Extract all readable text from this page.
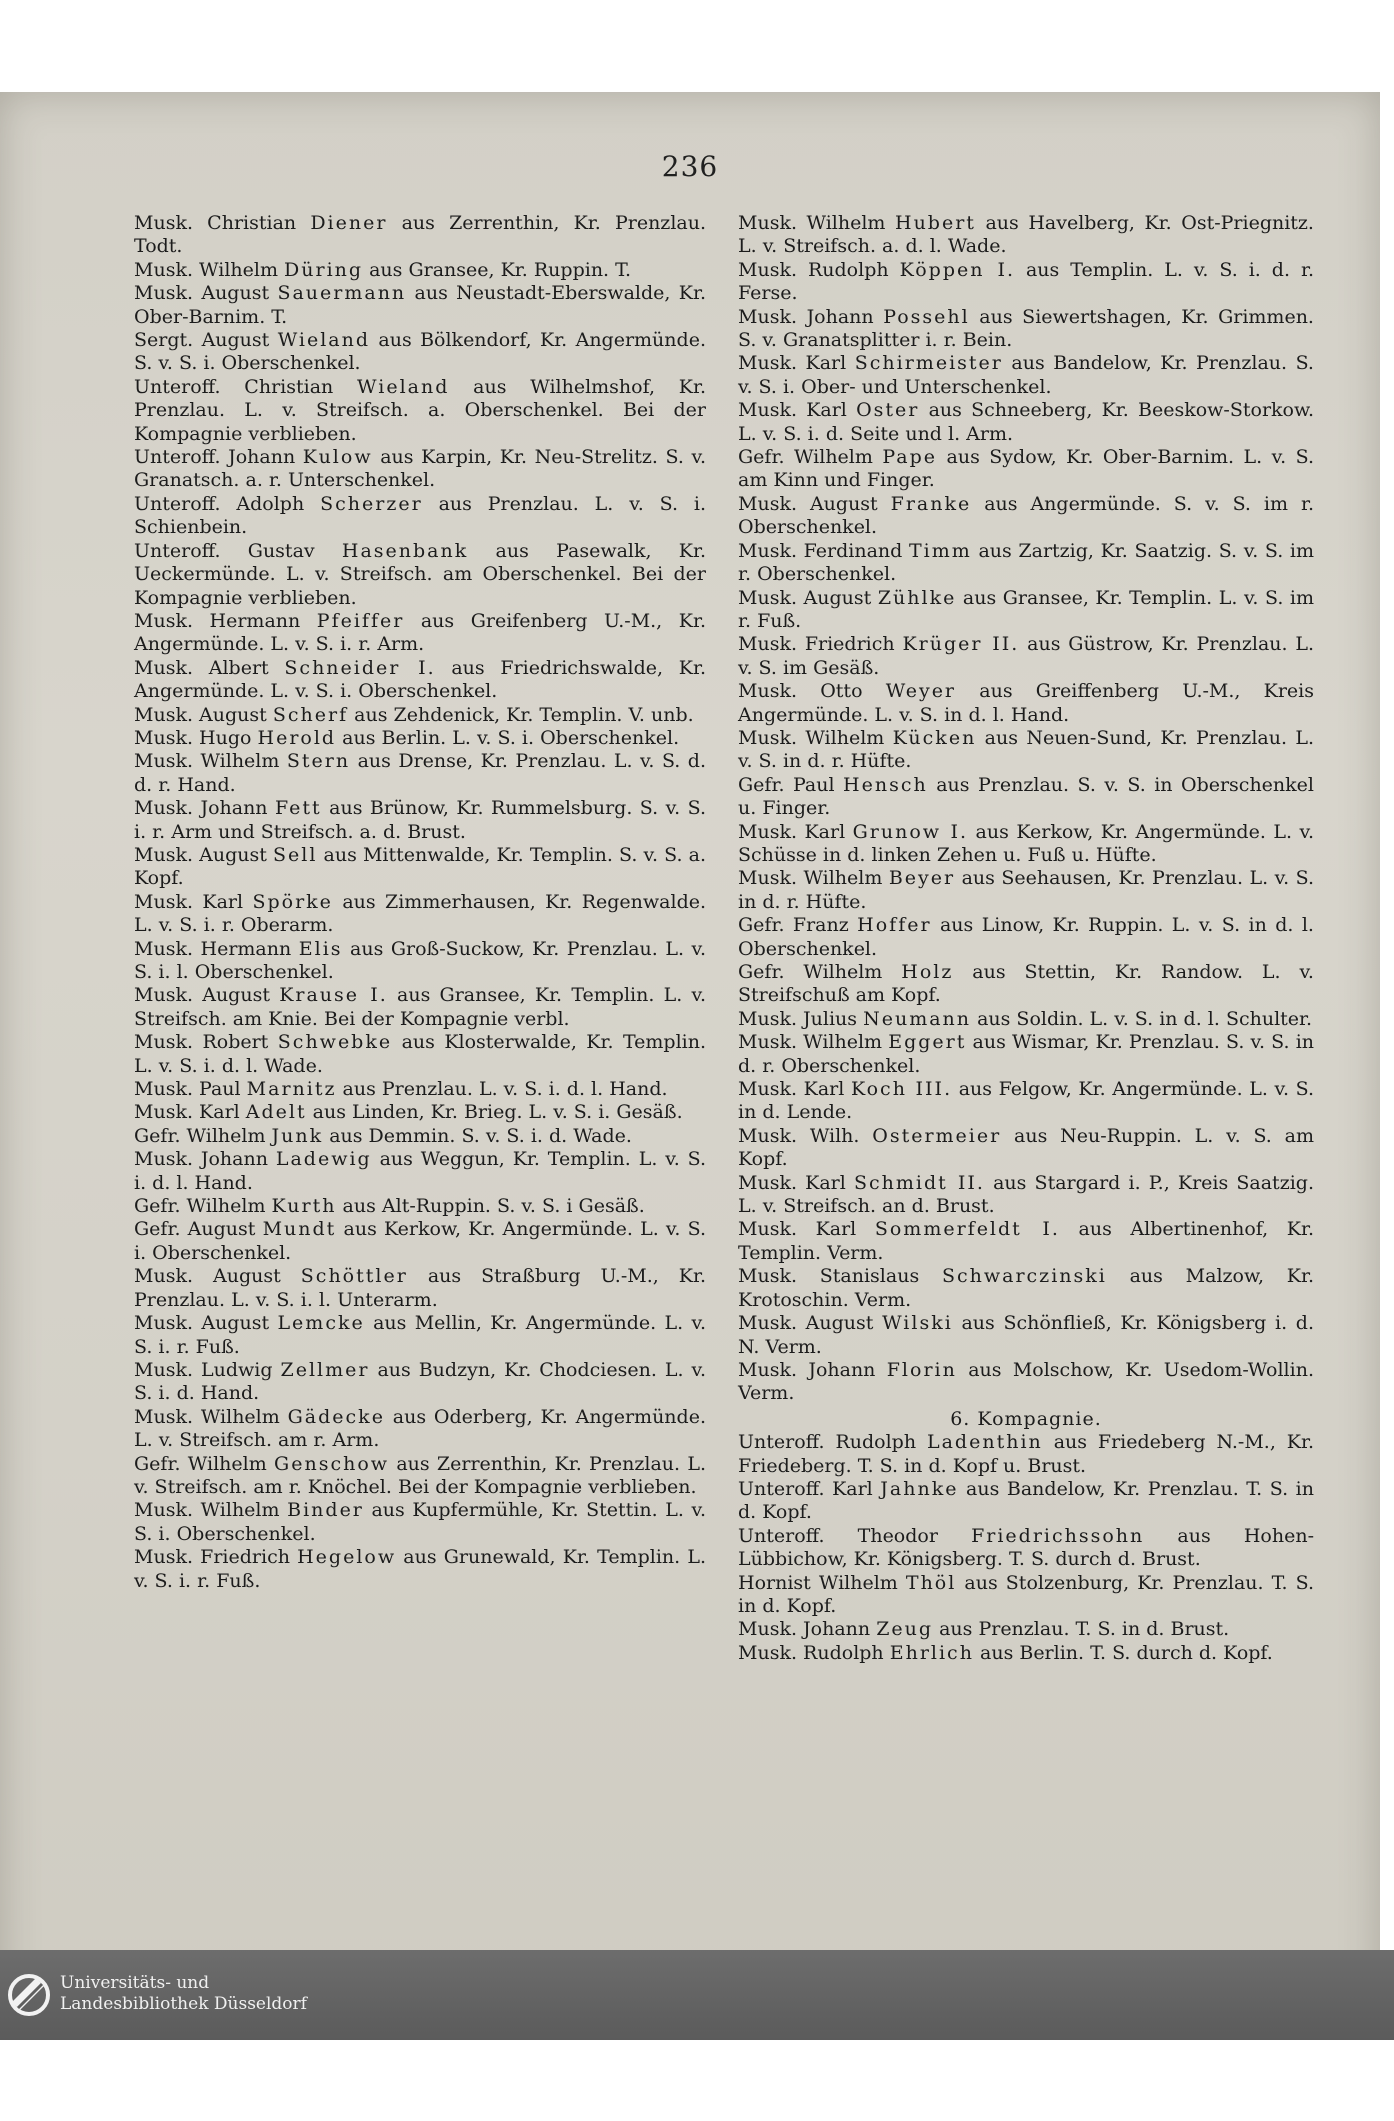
236
Musk. Christian Diener aus Zerrenthin, Kr. Prenzlau. Todt.
Musk. Wilhelm Düring aus Gransee, Kr. Ruppin. T.
Musk. August Sauermann aus Neustadt-Eberswalde, Kr. Ober-Barnim. T.
Sergt. August Wieland aus Bölkendorf, Kr. Angermünde. S. v. S. i. Oberschenkel.
Unteroff. Christian Wieland aus Wilhelmshof, Kr. Prenzlau. L. v. Streifsch. a. Oberschenkel. Bei der Kompagnie verblieben.
Unteroff. Johann Kulow aus Karpin, Kr. Neu-Strelitz. S. v. Granatsch. a. r. Unterschenkel.
Unteroff. Adolph Scherzer aus Prenzlau. L. v. S. i. Schienbein.
Unteroff. Gustav Hasenbank aus Pasewalk, Kr. Ueckermünde. L. v. Streifsch. am Oberschenkel. Bei der Kompagnie verblieben.
Musk. Hermann Pfeiffer aus Greifenberg U.-M., Kr. Angermünde. L. v. S. i. r. Arm.
Musk. Albert Schneider I. aus Friedrichswalde, Kr. Angermünde. L. v. S. i. Oberschenkel.
Musk. August Scherf aus Zehdenick, Kr. Templin. V. unb.
Musk. Hugo Herold aus Berlin. L. v. S. i. Oberschenkel.
Musk. Wilhelm Stern aus Drense, Kr. Prenzlau. L. v. S. d. d. r. Hand.
Musk. Johann Fett aus Brünow, Kr. Rummelsburg. S. v. S. i. r. Arm und Streifsch. a. d. Brust.
Musk. August Sell aus Mittenwalde, Kr. Templin. S. v. S. a. Kopf.
Musk. Karl Spörke aus Zimmerhausen, Kr. Regenwalde. L. v. S. i. r. Oberarm.
Musk. Hermann Elis aus Groß-Suckow, Kr. Prenzlau. L. v. S. i. l. Oberschenkel.
Musk. August Krause I. aus Gransee, Kr. Templin. L. v. Streifsch. am Knie. Bei der Kompagnie verbl.
Musk. Robert Schwebke aus Klosterwalde, Kr. Templin. L. v. S. i. d. l. Wade.
Musk. Paul Marnitz aus Prenzlau. L. v. S. i. d. l. Hand.
Musk. Karl Adelt aus Linden, Kr. Brieg. L. v. S. i. Gesäß.
Gefr. Wilhelm Junk aus Demmin. S. v. S. i. d. Wade.
Musk. Johann Ladewig aus Weggun, Kr. Templin. L. v. S. i. d. l. Hand.
Gefr. Wilhelm Kurth aus Alt-Ruppin. S. v. S. i Gesäß.
Gefr. August Mundt aus Kerkow, Kr. Angermünde. L. v. S. i. Oberschenkel.
Musk. August Schöttler aus Straßburg U.-M., Kr. Prenzlau. L. v. S. i. l. Unterarm.
Musk. August Lemcke aus Mellin, Kr. Angermünde. L. v. S. i. r. Fuß.
Musk. Ludwig Zellmer aus Budzyn, Kr. Chodciesen. L. v. S. i. d. Hand.
Musk. Wilhelm Gädecke aus Oderberg, Kr. Angermünde. L. v. Streifsch. am r. Arm.
Gefr. Wilhelm Genschow aus Zerrenthin, Kr. Prenzlau. L. v. Streifsch. am r. Knöchel. Bei der Kompagnie verblieben.
Musk. Wilhelm Binder aus Kupfermühle, Kr. Stettin. L. v. S. i. Oberschenkel.
Musk. Friedrich Hegelow aus Grunewald, Kr. Templin. L. v. S. i. r. Fuß.
Musk. Wilhelm Hubert aus Havelberg, Kr. Ost-Priegnitz. L. v. Streifsch. a. d. l. Wade.
Musk. Rudolph Köppen I. aus Templin. L. v. S. i. d. r. Ferse.
Musk. Johann Possehl aus Siewertshagen, Kr. Grimmen. S. v. Granatsplitter i. r. Bein.
Musk. Karl Schirmeister aus Bandelow, Kr. Prenzlau. S. v. S. i. Ober- und Unterschenkel.
Musk. Karl Oster aus Schneeberg, Kr. Beeskow-Storkow. L. v. S. i. d. Seite und l. Arm.
Gefr. Wilhelm Pape aus Sydow, Kr. Ober-Barnim. L. v. S. am Kinn und Finger.
Musk. August Franke aus Angermünde. S. v. S. im r. Oberschenkel.
Musk. Ferdinand Timm aus Zartzig, Kr. Saatzig. S. v. S. im r. Oberschenkel.
Musk. August Zühlke aus Gransee, Kr. Templin. L. v. S. im r. Fuß.
Musk. Friedrich Krüger II. aus Güstrow, Kr. Prenzlau. L. v. S. im Gesäß.
Musk. Otto Weyer aus Greiffenberg U.-M., Kreis Angermünde. L. v. S. in d. l. Hand.
Musk. Wilhelm Kücken aus Neuen-Sund, Kr. Prenzlau. L. v. S. in d. r. Hüfte.
Gefr. Paul Hensch aus Prenzlau. S. v. S. in Oberschenkel u. Finger.
Musk. Karl Grunow I. aus Kerkow, Kr. Angermünde. L. v. Schüsse in d. linken Zehen u. Fuß u. Hüfte.
Musk. Wilhelm Beyer aus Seehausen, Kr. Prenzlau. L. v. S. in d. r. Hüfte.
Gefr. Franz Hoffer aus Linow, Kr. Ruppin. L. v. S. in d. l. Oberschenkel.
Gefr. Wilhelm Holz aus Stettin, Kr. Randow. L. v. Streifschuß am Kopf.
Musk. Julius Neumann aus Soldin. L. v. S. in d. l. Schulter.
Musk. Wilhelm Eggert aus Wismar, Kr. Prenzlau. S. v. S. in d. r. Oberschenkel.
Musk. Karl Koch III. aus Felgow, Kr. Angermünde. L. v. S. in d. Lende.
Musk. Wilh. Ostermeier aus Neu-Ruppin. L. v. S. am Kopf.
Musk. Karl Schmidt II. aus Stargard i. P., Kreis Saatzig. L. v. Streifsch. an d. Brust.
Musk. Karl Sommerfeldt I. aus Albertinenhof, Kr. Templin. Verm.
Musk. Stanislaus Schwarczinski aus Malzow, Kr. Krotoschin. Verm.
Musk. August Wilski aus Schönfließ, Kr. Königsberg i. d. N. Verm.
Musk. Johann Florin aus Molschow, Kr. Usedom-Wollin. Verm.
6. Kompagnie.
Unteroff. Rudolph Ladenthin aus Friedeberg N.-M., Kr. Friedeberg. T. S. in d. Kopf u. Brust.
Unteroff. Karl Jahnke aus Bandelow, Kr. Prenzlau. T. S. in d. Kopf.
Unteroff. Theodor Friedrichssohn aus Hohen-Lübbichow, Kr. Königsberg. T. S. durch d. Brust.
Hornist Wilhelm Thöl aus Stolzenburg, Kr. Prenzlau. T. S. in d. Kopf.
Musk. Johann Zeug aus Prenzlau. T. S. in d. Brust.
Musk. Rudolph Ehrlich aus Berlin. T. S. durch d. Kopf.
Universitäts- und
Landesbibliothek Düsseldorf
